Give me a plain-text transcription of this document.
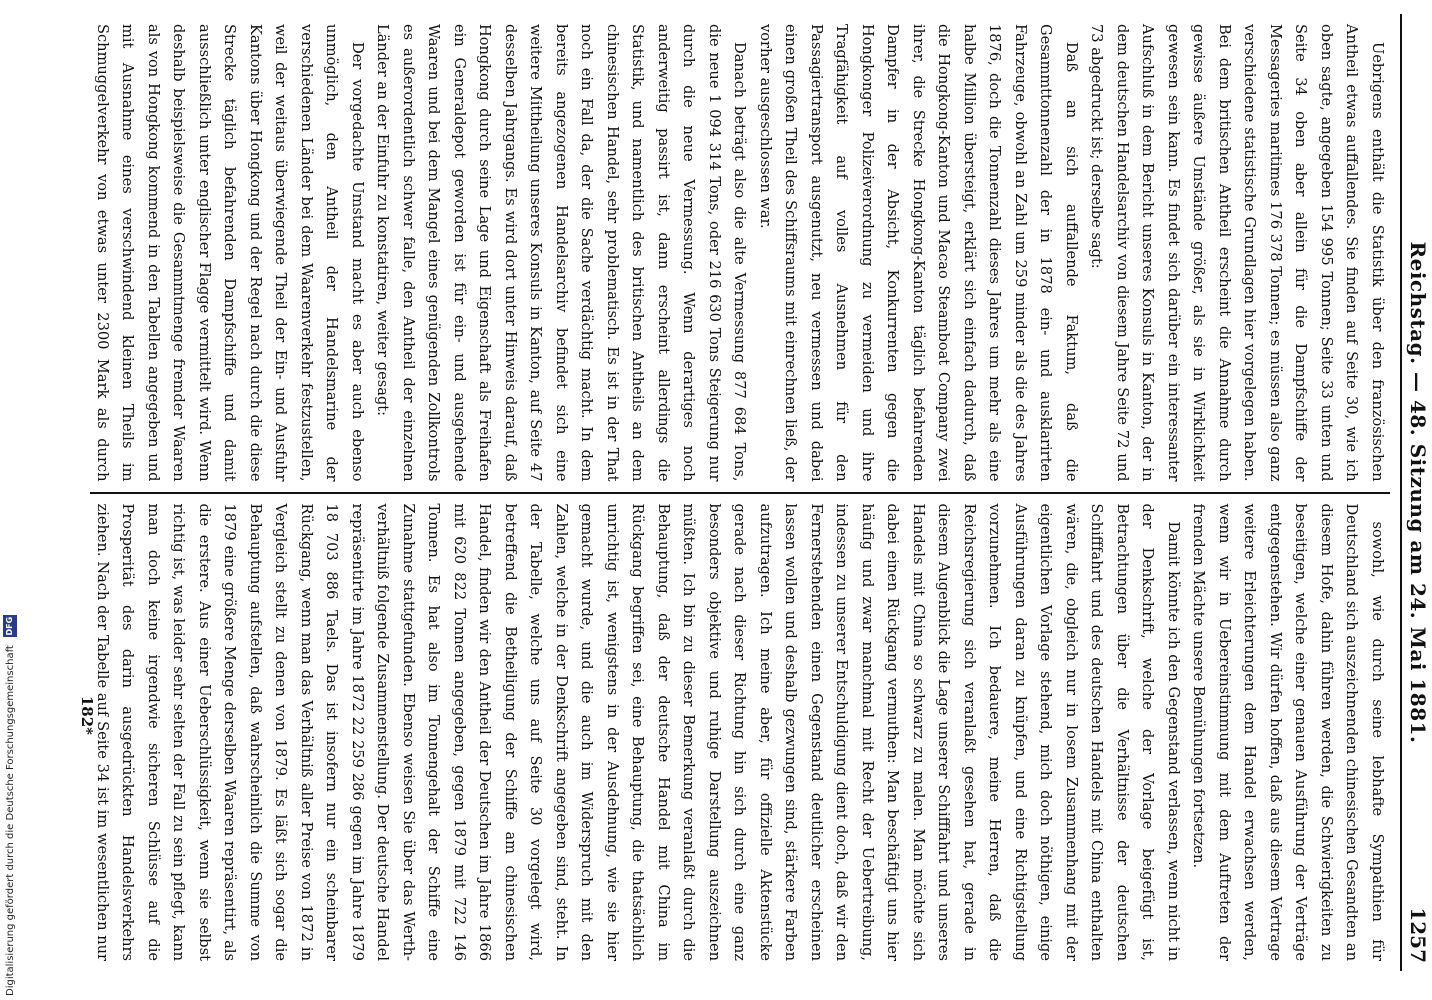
Reichstag. — 48. Sitzung am 24. Mai 1881.
1257

Uebrigens enthält die Statistik über den französischen Antheil etwas auffallendes. Sie finden auf Seite 30, wie ich oben sagte, angegeben 154 995 Tonnen; Seite 33 unten und Seite 34 oben aber allein für die Dampfschiffe der Messageries maritimes 176 378 Tonnen; es müssen also ganz verschiedene statistische Grundlagen hier vorgelegen haben. Bei dem britischen Antheil erscheint die Annahme durch gewisse äußere Umstände größer, als sie in Wirklichkeit gewesen sein kann. Es findet sich darüber ein interessanter Aufschluß in dem Bericht unseres Konsuls in Kanton, der in dem deutschen Handelsarchiv von diesem Jahre Seite 72 und 73 abgedruckt ist; derselbe sagt:

Daß an sich auffallende Faktum, daß die Gesammttonnenzahl der in 1878 ein- und ausklarirten Fahrzeuge, obwohl an Zahl um 259 minder als die des Jahres 1876, doch die Tonnenzahl dieses Jahres um mehr als eine halbe Million übersteigt, erklärt sich einfach dadurch, daß die Hongkong-Kanton und Macao Steamboat Company zwei ihrer, die Strecke Hongkong-Kanton täglich befahrenden Dampfer in der Absicht, Konkurrenten gegen die Hongkonger Polizeiverordnung zu vermeiden und ihre Tragfähigkeit auf volles Ausnehmen für den Passagiertransport ausgenutzt, neu vermessen und dabei einen großen Theil des Schiffsraums mit einrechnen ließ, der vorher ausgeschlossen war.

Danach beträgt also die alte Vermessung 877 684 Tons, die neue 1 094 314 Tons, oder 216 630 Tons Steigerung nur durch die neue Vermessung. Wenn derartiges noch anderweitig passirt ist, dann erscheint allerdings die Statistik, und namentlich des britischen Antheils an dem chinesischen Handel, sehr problematisch. Es ist in der That noch ein Fall da, der die Sache verdächtig macht. In dem bereits angezogenen Handelsarchiv befindet sich eine weitere Mittheilung unseres Konsuls in Kanton, auf Seite 47 desselben Jahrgangs. Es wird dort unter Hinweis darauf, daß Hongkong durch seine Lage und Eigenschaft als Freihafen ein Generaldepot geworden ist für ein- und ausgehende Waaren und bei dem Mangel eines genügenden Zollkontrols es außerordentlich schwer falle, den Antheil der einzelnen Länder an der Einfuhr zu konstatiren, weiter gesagt:

Der vorgedachte Umstand macht es aber auch ebenso unmöglich, den Antheil der Handelsmarine der verschiedenen Länder bei dem Waarenverkehr festzustellen, weil der weitaus überwiegende Theil der Ein- und Ausfuhr Kantons über Hongkong und der Regel nach durch die diese Strecke täglich befahrenden Dampfschiffe und damit ausschließlich unter englischer Flagge vermittelt wird. Wenn deshalb beispielsweise die Gesammtmenge fremder Waaren als von Hongkong kommend in den Tabellen angegeben und mit Ausnahme eines verschwindend kleinen Theils im Schmuggelverkehr von etwas unter 2300 Mark als durch

sowohl, wie durch seine lebhafte Sympathien für Deutschland sich auszeichnenden chinesischen Gesandten an diesem Hofe, dahin führen werden, die Schwierigkeiten zu beseitigen, welche einer genauen Ausführung der Verträge entgegenstehen. Wir dürfen hoffen, daß aus diesem Vertrage weitere Erleichterungen dem Handel erwachsen werden, wenn wir in Uebereinstimmung mit dem Auftreten der fremden Mächte unsere Bemühungen fortsetzen.

Damit könnte ich den Gegenstand verlassen, wenn nicht in der Denkschrift, welche der Vorlage beigefügt ist, Betrachtungen über die Verhältnisse der deutschen Schifffahrt und des deutschen Handels mit China enthalten wären, die, obgleich nur in losem Zusammenhang mit der eigentlichen Vorlage stehend, mich doch nöthigen, einige Ausführungen daran zu knüpfen, und eine Richtigstellung vorzunehmen. Ich bedauere, meine Herren, daß die Reichsregierung sich veranlaßt gesehen hat, gerade in diesem Augenblick die Lage unserer Schifffahrt und unseres Handels mit China so schwarz zu malen. Man möchte sich dabei einen Rückgang vermuthen: Man beschäftigt uns hier häufig und zwar manchmal mit Recht der Uebertreibung, indessen zu unserer Entschuldigung dient doch, daß wir den Fernerstehenden einen Gegenstand deutlicher erscheinen lassen wollen und deshalb gezwungen sind, stärkere Farben aufzutragen. Ich meine aber, für offizielle Aktenstücke gerade nach dieser Richtung hin sich durch eine ganz besonders objektive und ruhige Darstellung auszeichnen müßten. Ich bin zu dieser Bemerkung veranlaßt durch die Behauptung, daß der deutsche Handel mit China im Rückgang begriffen sei, eine Behauptung, die thatsächlich unrichtig ist, wenigstens in der Ausdehnung, wie sie hier gemacht wurde, und die auch im Widerspruch mit den Zahlen, welche in der Denkschrift angegeben sind, steht. In der Tabelle, welche uns auf Seite 30 vorgelegt wird, betreffend die Betheiligung der Schiffe am chinesischen Handel, finden wir den Antheil der Deutschen im Jahre 1866 mit 620 822 Tonnen angegeben, gegen 1879 mit 722 146 Tonnen. Es hat also im Tonnengehalt der Schiffe eine Zunahme stattgefunden. Ebenso weisen Sie über das Werth-verhältniß folgende Zusammenstellung. Der deutsche Handel repräsentirte im Jahre 1872 22 259 286 gegen im Jahre 1879 18 703 886 Taels. Das ist insofern nur ein scheinbarer Rückgang, wenn man das Verhältniß aller Preise von 1872 in Vergleich stellt zu denen von 1879. Es läßt sich sogar die Behauptung aufstellen, daß wahrscheinlich die Summe von 1879 eine größere Menge derselben Waaren repräsentirt, als die erstere. Aus einer Ueberschlüssigkeit, wenn sie selbst richtig ist, was leider sehr selten der Fall zu sein pflegt, kann man doch keine irgendwie sicheren Schlüsse auf die Prosperität des darin ausgedrückten Handelsverkehrs ziehen. Nach der Tabelle auf Seite 34 ist im wesentlichen nur

182*
Digitalisierung gefördert durch die Deutsche Forschungsgemeinschaft
DFG
